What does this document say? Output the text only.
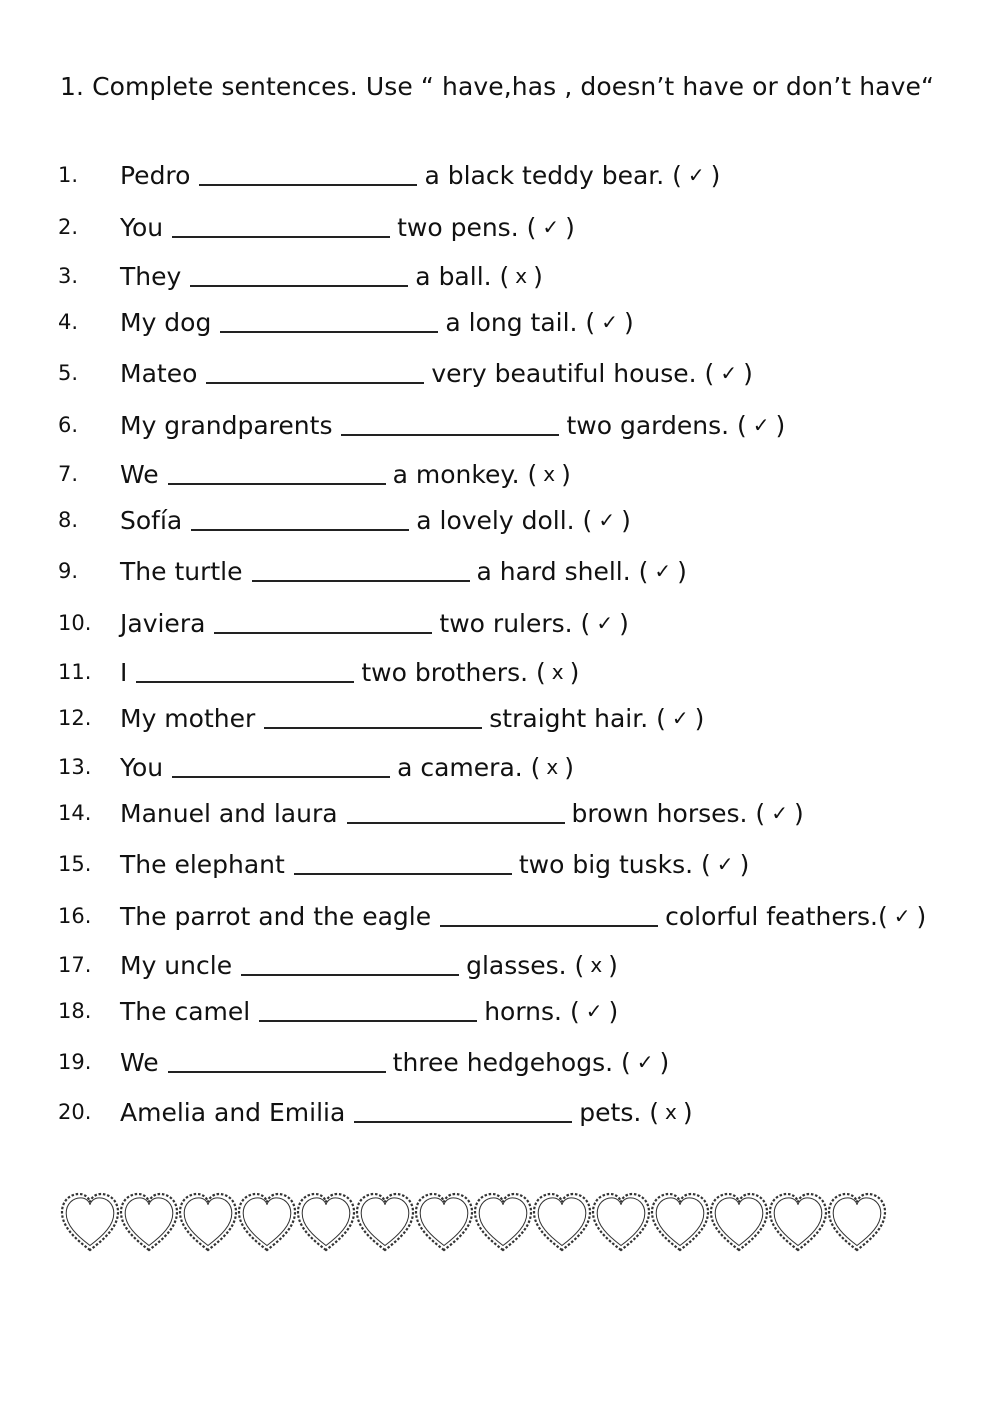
1. Complete sentences. Use “ have,has , doesn’t have or don’t have“
1.	Pedro	a black teddy bear. ( ✓ )
2.	You	two pens. ( ✓ )
3.	They	a ball. ( x )
4.	My dog	a long tail. ( ✓ )
5.	Mateo	very beautiful house. ( ✓ )
6.	My grandparents	two gardens. ( ✓ )
7.	We	a monkey. ( x )
8.	Sofía	a lovely doll. ( ✓ )
9.	The turtle	a hard shell. ( ✓ )
10.	Javiera	two rulers. ( ✓ )
11.	I	two brothers. ( x )
12.	My mother	straight hair. ( ✓ )
13.	You	a camera. ( x )
14.	Manuel and laura	brown horses. ( ✓ )
15.	The elephant	two big tusks. ( ✓ )
16.	The parrot and the eagle	colorful feathers.( ✓ )
17.	My uncle	glasses. ( x )
18.	The camel	horns. ( ✓ )
19.	We	three hedgehogs. ( ✓ )
20.	Amelia and Emilia	pets. ( x )
